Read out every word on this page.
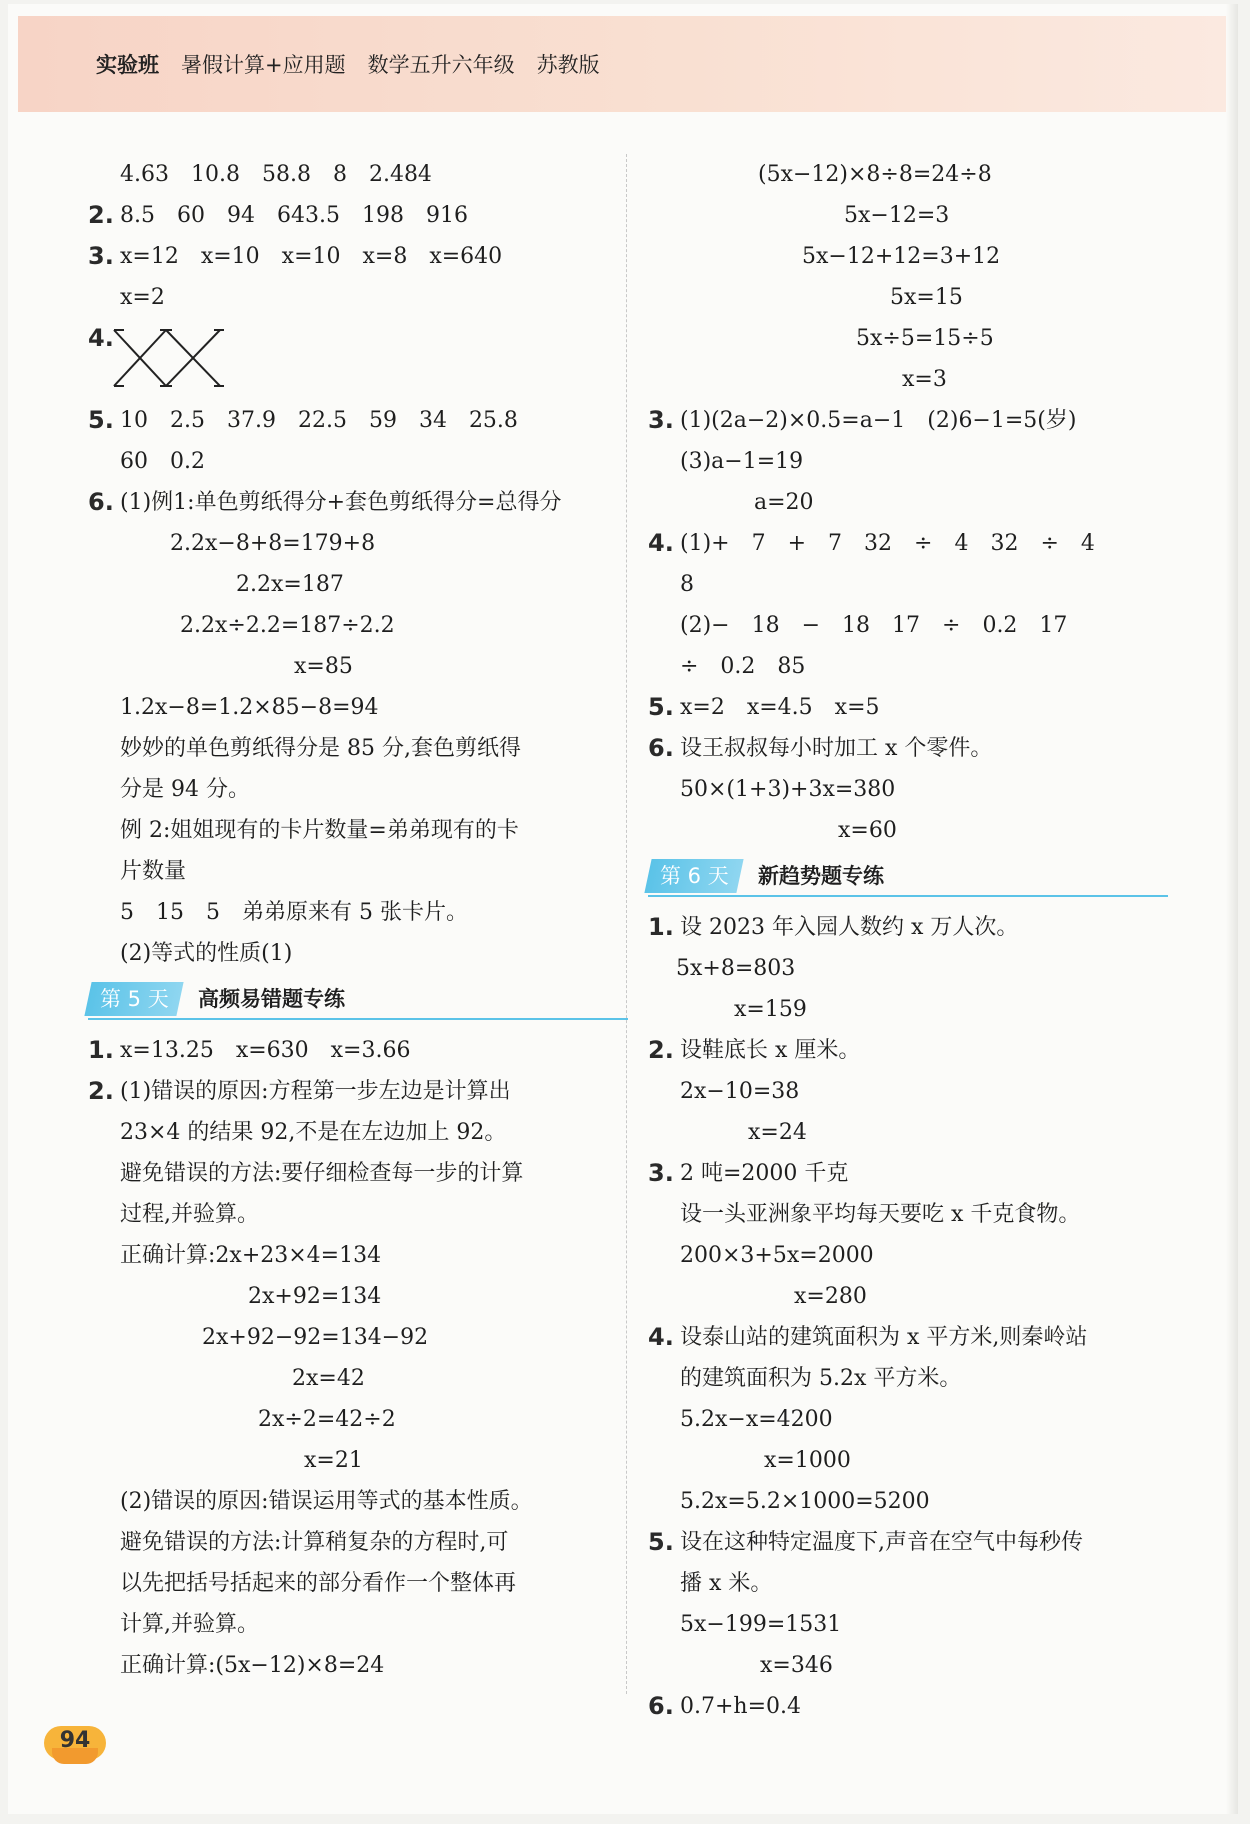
实验班 暑假计算+应用题 数学五升六年级 苏教版
4.63　10.8　58.8　8　2.484
2. 8.5　60　94　643.5　198　916
3. x=12　x=10　x=10　x=8　x=640
x=2
4.
5. 10　2.5　37.9　22.5　59　34　25.8
60　0.2
6. (1)例1:单色剪纸得分+套色剪纸得分=总得分
2.2x−8+8=179+8
2.2x=187
2.2x÷2.2=187÷2.2
x=85
1.2x−8=1.2×85−8=94
妙妙的单色剪纸得分是 85 分,套色剪纸得
分是 94 分。
例 2:姐姐现有的卡片数量=弟弟现有的卡
片数量
5　15　5　弟弟原来有 5 张卡片。
(2)等式的性质(1)
第 5 天	高频易错题专练
1. x=13.25　x=630　x=3.66
2. (1)错误的原因:方程第一步左边是计算出
23×4 的结果 92,不是在左边加上 92。
避免错误的方法:要仔细检查每一步的计算
过程,并验算。
正确计算:2x+23×4=134
2x+92=134
2x+92−92=134−92
2x=42
2x÷2=42÷2
x=21
(2)错误的原因:错误运用等式的基本性质。
避免错误的方法:计算稍复杂的方程时,可
以先把括号括起来的部分看作一个整体再
计算,并验算。
正确计算:(5x−12)×8=24
(5x−12)×8÷8=24÷8
5x−12=3
5x−12+12=3+12
5x=15
5x÷5=15÷5
x=3
3. (1)(2a−2)×0.5=a−1　(2)6−1=5(岁)
(3)a−1=19
a=20
4. (1)+　7　+　7　32　÷　4　32　÷　4
8
(2)−　18　−　18　17　÷　0.2　17
÷　0.2　85
5. x=2　x=4.5　x=5
6. 设王叔叔每小时加工 x 个零件。
50×(1+3)+3x=380
x=60
第 6 天	新趋势题专练
1. 设 2023 年入园人数约 x 万人次。
5x+8=803
x=159
2. 设鞋底长 x 厘米。
2x−10=38
x=24
3. 2 吨=2000 千克
设一头亚洲象平均每天要吃 x 千克食物。
200×3+5x=2000
x=280
4. 设泰山站的建筑面积为 x 平方米,则秦岭站
的建筑面积为 5.2x 平方米。
5.2x−x=4200
x=1000
5.2x=5.2×1000=5200
5. 设在这种特定温度下,声音在空气中每秒传
播 x 米。
5x−199=1531
x=346
6. 0.7+h=0.4
94
